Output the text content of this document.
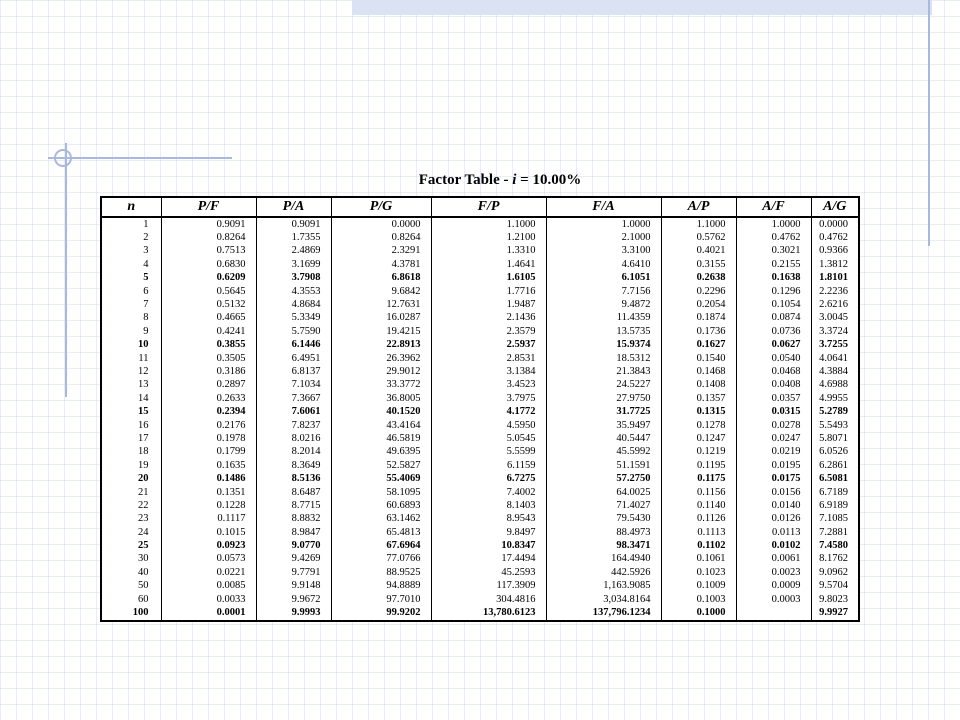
Factor Table - i = 10.00%
n	P/F	P/A	P/G	F/P	F/A	A/P	A/F	A/G
1	0.9091	0.9091	0.0000	1.1000	1.0000	1.1000	1.0000	0.0000
2	0.8264	1.7355	0.8264	1.2100	2.1000	0.5762	0.4762	0.4762
3	0.7513	2.4869	2.3291	1.3310	3.3100	0.4021	0.3021	0.9366
4	0.6830	3.1699	4.3781	1.4641	4.6410	0.3155	0.2155	1.3812
5	0.6209	3.7908	6.8618	1.6105	6.1051	0.2638	0.1638	1.8101
6	0.5645	4.3553	9.6842	1.7716	7.7156	0.2296	0.1296	2.2236
7	0.5132	4.8684	12.7631	1.9487	9.4872	0.2054	0.1054	2.6216
8	0.4665	5.3349	16.0287	2.1436	11.4359	0.1874	0.0874	3.0045
9	0.4241	5.7590	19.4215	2.3579	13.5735	0.1736	0.0736	3.3724
10	0.3855	6.1446	22.8913	2.5937	15.9374	0.1627	0.0627	3.7255
11	0.3505	6.4951	26.3962	2.8531	18.5312	0.1540	0.0540	4.0641
12	0.3186	6.8137	29.9012	3.1384	21.3843	0.1468	0.0468	4.3884
13	0.2897	7.1034	33.3772	3.4523	24.5227	0.1408	0.0408	4.6988
14	0.2633	7.3667	36.8005	3.7975	27.9750	0.1357	0.0357	4.9955
15	0.2394	7.6061	40.1520	4.1772	31.7725	0.1315	0.0315	5.2789
16	0.2176	7.8237	43.4164	4.5950	35.9497	0.1278	0.0278	5.5493
17	0.1978	8.0216	46.5819	5.0545	40.5447	0.1247	0.0247	5.8071
18	0.1799	8.2014	49.6395	5.5599	45.5992	0.1219	0.0219	6.0526
19	0.1635	8.3649	52.5827	6.1159	51.1591	0.1195	0.0195	6.2861
20	0.1486	8.5136	55.4069	6.7275	57.2750	0.1175	0.0175	6.5081
21	0.1351	8.6487	58.1095	7.4002	64.0025	0.1156	0.0156	6.7189
22	0.1228	8.7715	60.6893	8.1403	71.4027	0.1140	0.0140	6.9189
23	0.1117	8.8832	63.1462	8.9543	79.5430	0.1126	0.0126	7.1085
24	0.1015	8.9847	65.4813	9.8497	88.4973	0.1113	0.0113	7.2881
25	0.0923	9.0770	67.6964	10.8347	98.3471	0.1102	0.0102	7.4580
30	0.0573	9.4269	77.0766	17.4494	164.4940	0.1061	0.0061	8.1762
40	0.0221	9.7791	88.9525	45.2593	442.5926	0.1023	0.0023	9.0962
50	0.0085	9.9148	94.8889	117.3909	1,163.9085	0.1009	0.0009	9.5704
60	0.0033	9.9672	97.7010	304.4816	3,034.8164	0.1003	0.0003	9.8023
100	0.0001	9.9993	99.9202	13,780.6123	137,796.1234	0.1000		9.9927
